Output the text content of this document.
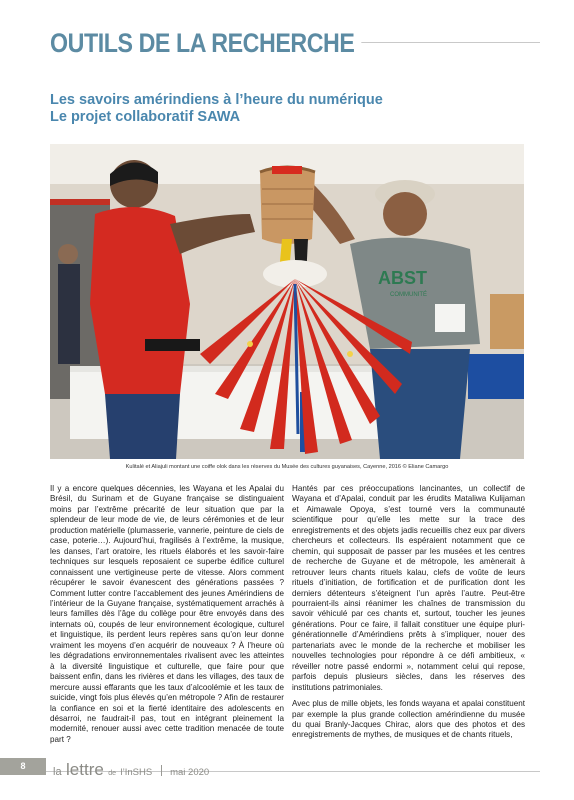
OUTILS DE LA RECHERCHE
Les savoirs amérindiens à l’heure du numérique
Le projet collaboratif SAWA
ABST
COMMUNITÉ
Kulitalé et Aliajuli montant une coiffe olok dans les réserves du Musée des cultures guyanaises, Cayenne, 2016 © Eliane Camargo

Il y a encore quelques décennies, les Wayana et les Apalai du Brésil, du Surinam et de Guyane française se distinguaient moins par l’extrême précarité de leur situation que par la splendeur de leur mode de vie, de leurs cérémonies et de leur production matérielle (plumasserie, vannerie, peinture de ciels de case, poterie…). Aujourd’hui, fragilisés à l’extrême, la musique, les danses, l’art oratoire, les rituels élaborés et les savoir-faire techniques sur lesquels reposaient ce superbe édifice culturel connaissent une vertigineuse perte de vitesse. Alors comment récupérer le savoir évanescent des générations passées ? Comment lutter contre l’accablement des jeunes Amérindiens de l’intérieur de la Guyane française, systématiquement arrachés à leurs familles dès l’âge du collège pour être envoyés dans des internats où, coupés de leur environnement écologique, culturel et linguistique, ils perdent leurs repères sans qu’on leur donne vraiment les moyens d’en acquérir de nouveaux ? À l’heure où les dégradations environnementales rivalisent avec les atteintes à la diversité linguistique et culturelle, que faire pour que baissent enfin, dans les rivières et dans les villages, des taux de mercure aussi effarants que les taux d’alcoolémie et les taux de suicide, vingt fois plus élevés qu’en métropole ? Afin de restaurer la confiance en soi et la fierté identitaire des adolescents en désarroi, ne faudrait-il pas, tout en intégrant pleinement la modernité, renouer aussi avec cette tradition menacée de toute part ?

Hantés par ces préoccupations lancinantes, un collectif de Wayana et d’Apalai, conduit par les érudits Mataliwa Kulijaman et Aimawale Opoya, s’est tourné vers la communauté scientifique pour qu’elle les mette sur la trace des enregistrements et des objets jadis recueillis chez eux par divers chercheurs et collecteurs. Ils espéraient notamment que ce chemin, qui supposait de passer par les musées et les centres de recherche de Guyane et de métropole, les amènerait à retrouver leurs chants rituels kalau, clefs de voûte de leurs rituels d’initiation, de fortification et de purification dont les derniers détenteurs s’éteignent l’un après l’autre. Peut-être pourraient-ils ainsi réanimer les chaînes de transmission du savoir véhiculé par ces chants et, surtout, toucher les jeunes générations. Pour ce faire, il fallait constituer une équipe pluri-générationnelle d’Amérindiens prêts à s’impliquer, nouer des partenariats avec le monde de la recherche et mobiliser les nouvelles technologies pour répondre à ce défi ambitieux, « réveiller notre passé endormi », notamment celui qui repose, parfois depuis plusieurs siècles, dans les réserves des institutions patrimoniales.

Avec plus de mille objets, les fonds wayana et apalai constituent par exemple la plus grande collection amérindienne du musée du quai Branly-Jacques Chirac, alors que des photos et des enregistrements de mythes, de musiques et de chants rituels,

8	la lettre de l’InSHS mai 2020
